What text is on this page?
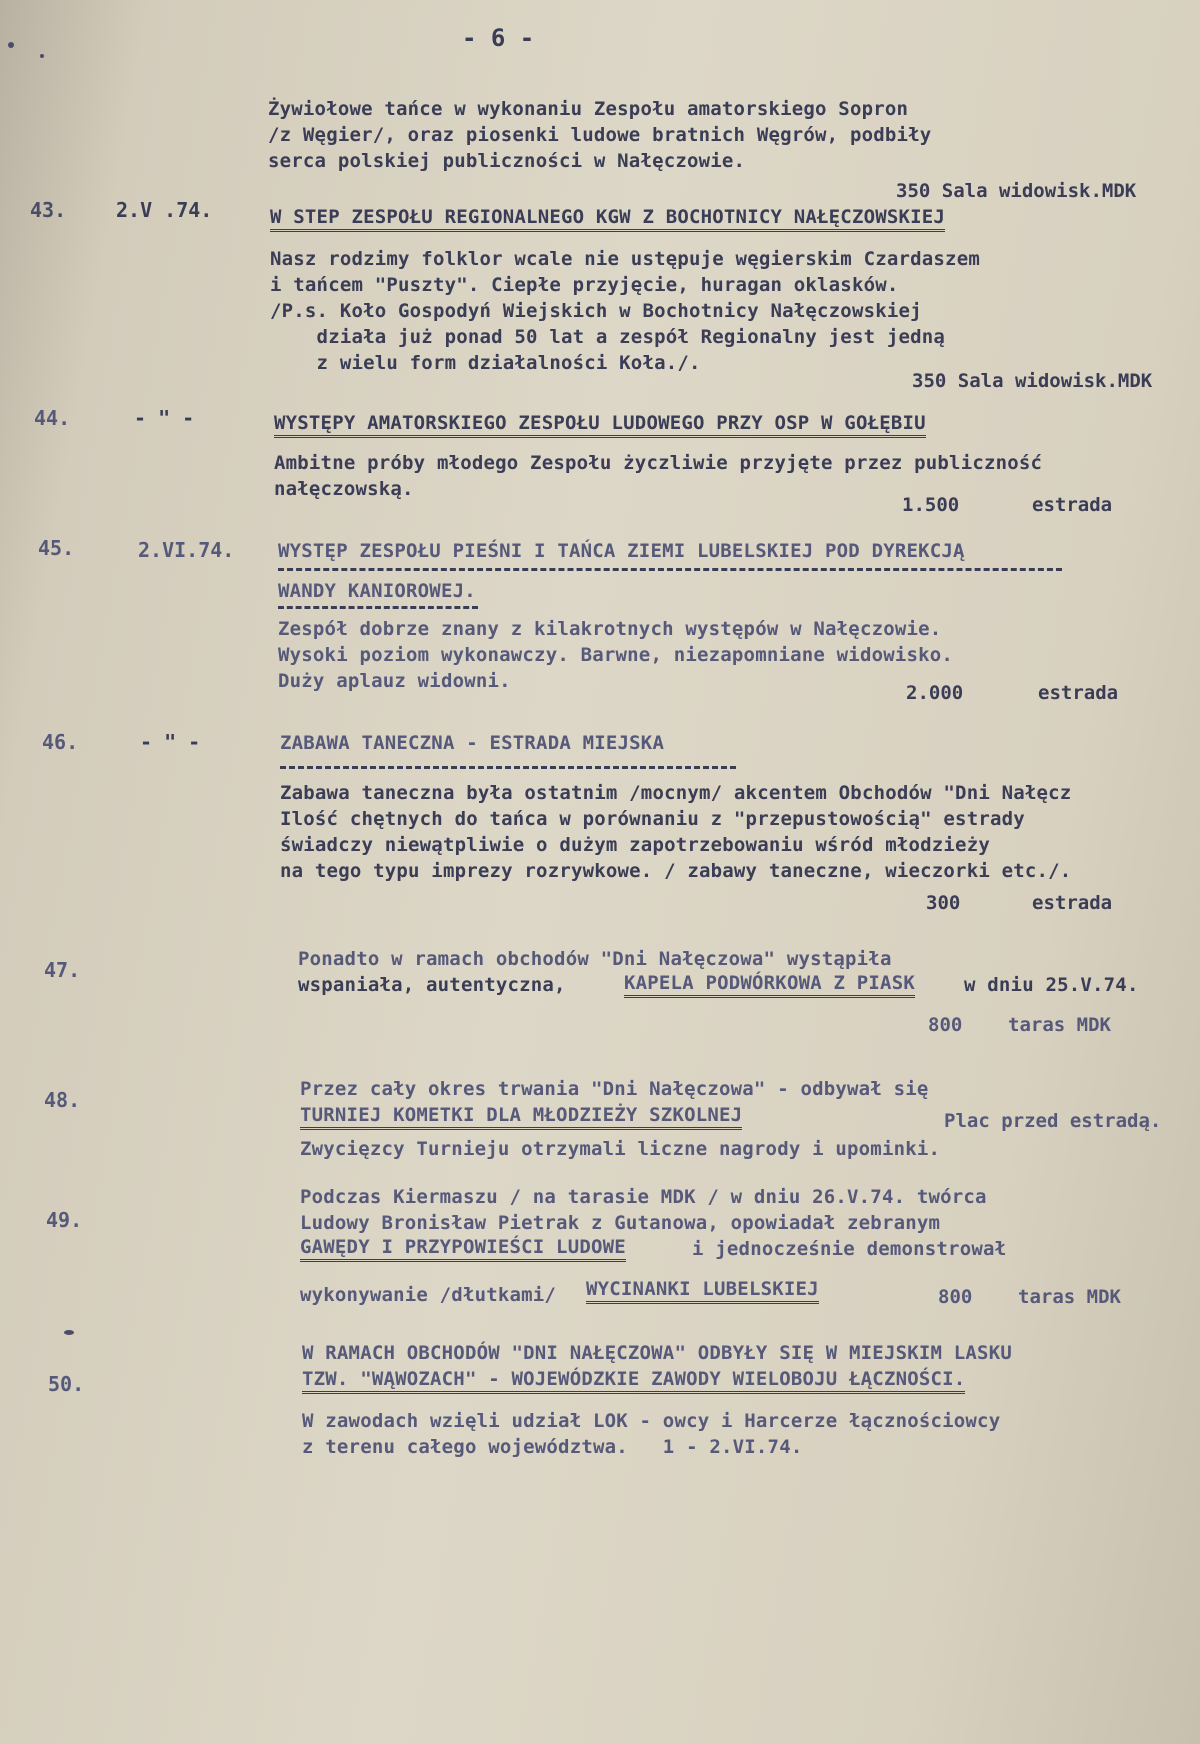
- 6 -
Żywiołowe tańce w wykonaniu Zespołu amatorskiego Sopron
/z Węgier/, oraz piosenki ludowe bratnich Węgrów, podbiły
serca polskiej publiczności w Nałęczowie.
350 Sala widowisk.MDK
43. 2.V .74.	W STEP ZESPOŁU REGIONALNEGO KGW Z BOCHOTNICY NAŁĘCZOWSKIEJ
Nasz rodzimy folklor wcale nie ustępuje węgierskim Czardaszem
i tańcem "Puszty". Ciepłe przyjęcie, huragan oklasków.
/P.s. Koło Gospodyń Wiejskich w Bochotnicy Nałęczowskiej
działa już ponad 50 lat a zespół Regionalny jest jedną
z wielu form działalności Koła./.
350 Sala widowisk.MDK
44.	- " -	WYSTĘPY AMATORSKIEGO ZESPOŁU LUDOWEGO PRZY OSP W GOŁĘBIU
Ambitne próby młodego Zespołu życzliwie przyjęte przez publiczność
nałęczowską.
1.500	estrada
45.	2.VI.74. WYSTĘP ZESPOŁU PIEŚNI I TAŃCA ZIEMI LUBELSKIEJ POD DYREKCJĄ
WANDY KANIOROWEJ.
Zespół dobrze znany z kilakrotnych występów w Nałęczowie.
Wysoki poziom wykonawczy. Barwne, niezapomniane widowisko.
Duży aplauz widowni.
2.000	estrada
46.	- " -	ZABAWA TANECZNA - ESTRADA MIEJSKA
Zabawa taneczna była ostatnim /mocnym/ akcentem Obchodów "Dni Nałęcz
Ilość chętnych do tańca w porównaniu z "przepustowością" estrady
świadczy niewątpliwie o dużym zapotrzebowaniu wśród młodzieży
na tego typu imprezy rozrywkowe. / zabawy taneczne, wieczorki etc./.
300	estrada
47.	Ponadto w ramach obchodów "Dni Nałęczowa" wystąpiła
wspaniała, autentyczna,	KAPELA PODWÓRKOWA Z PIASK	w dniu 25.V.74.
800 taras MDK
48.	Przez cały okres trwania "Dni Nałęczowa" - odbywał się
TURNIEJ KOMETKI DLA MŁODZIEŻY SZKOLNEJ	Plac przed estradą.
Zwycięzcy Turnieju otrzymali liczne nagrody i upominki.
49.
Podczas Kiermaszu / na tarasie MDK / w dniu 26.V.74. twórca
Ludowy Bronisław Pietrak z Gutanowa, opowiadał zebranym
GAWĘDY I PRZYPOWIEŚCI LUDOWE	i jednocześnie demonstrował
wykonywanie /dłutkami/ WYCINANKI LUBELSKIEJ	800 taras MDK
50.
W RAMACH OBCHODÓW "DNI NAŁĘCZOWA" ODBYŁY SIĘ W MIEJSKIM LASKU
TZW. "WĄWOZACH" - WOJEWÓDZKIE ZAWODY WIELOBOJU ŁĄCZNOŚCI.
W zawodach wzięli udział LOK - owcy i Harcerze łącznościowcy
z terenu całego województwa.   1 - 2.VI.74.
